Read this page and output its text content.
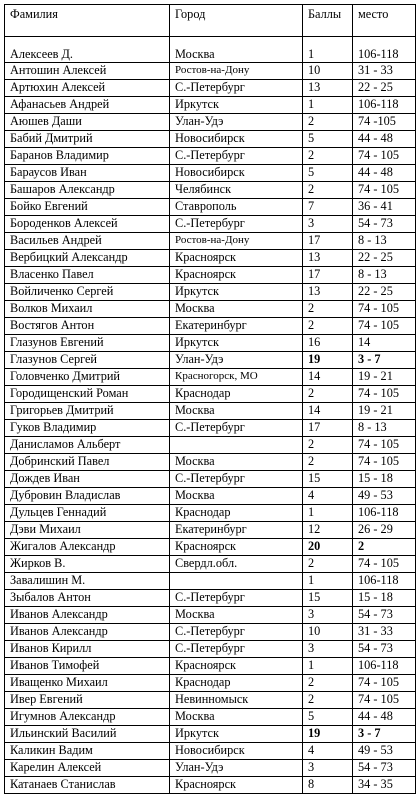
Фамилия	Город	Баллы	место
Алексеев Д.	Москва	1	106-118
Антошин Алексей	Ростов-на-Дону	10	31 - 33
Артюхин Алексей	С.-Петербург	13	22 - 25
Афанасьев Андрей	Иркутск	1	106-118
Аюшев Даши	Улан-Удэ	2	74 -105
Бабий Дмитрий	Новосибирск	5	44 - 48
Баранов Владимир	С.-Петербург	2	74 - 105
Бараусов Иван	Новосибирск	5	44 - 48
Башаров Александр	Челябинск	2	74 - 105
Бойко Евгений	Ставрополь	7	36 - 41
Бороденков Алексей	С.-Петербург	3	54 - 73
Васильев Андрей	Ростов-на-Дону	17	8 - 13
Вербицкий Александр	Красноярск	13	22 - 25
Власенко Павел	Красноярск	17	8 - 13
Войличенко Сергей	Иркутск	13	22 - 25
Волков Михаил	Москва	2	74 - 105
Востягов Антон	Екатеринбург	2	74 - 105
Глазунов Евгений	Иркутск	16	14
Глазунов Сергей	Улан-Удэ	19	3 - 7
Головченко Дмитрий	Красногорск, МО	14	19 - 21
Городищенский Роман	Краснодар	2	74 - 105
Григорьев Дмитрий	Москва	14	19 - 21
Гуков Владимир	С.-Петербург	17	8 - 13
Данисламов Альберт		2	74 - 105
Добринский Павел	Москва	2	74 - 105
Дождев Иван	С.-Петербург	15	15 - 18
Дубровин Владислав	Москва	4	49 - 53
Дульцев Геннадий	Краснодар	1	106-118
Дэви Михаил	Екатеринбург	12	26 - 29
Жигалов Александр	Красноярск	20	2
Жирков В.	Свердл.обл.	2	74 - 105
Завалишин М.		1	106-118
Зыбалов Антон	С.-Петербург	15	15 - 18
Иванов Александр	Москва	3	54 - 73
Иванов Александр	С.-Петербург	10	31 - 33
Иванов Кирилл	С.-Петербург	3	54 - 73
Иванов Тимофей	Красноярск	1	106-118
Иващенко Михаил	Краснодар	2	74 - 105
Ивер Евгений	Невинномыск	2	74 - 105
Игумнов Александр	Москва	5	44 - 48
Ильинский Василий	Иркутск	19	3 - 7
Каликин Вадим	Новосибирск	4	49 - 53
Карелин Алексей	Улан-Удэ	3	54 - 73
Катанаев Станислав	Красноярск	8	34 - 35
